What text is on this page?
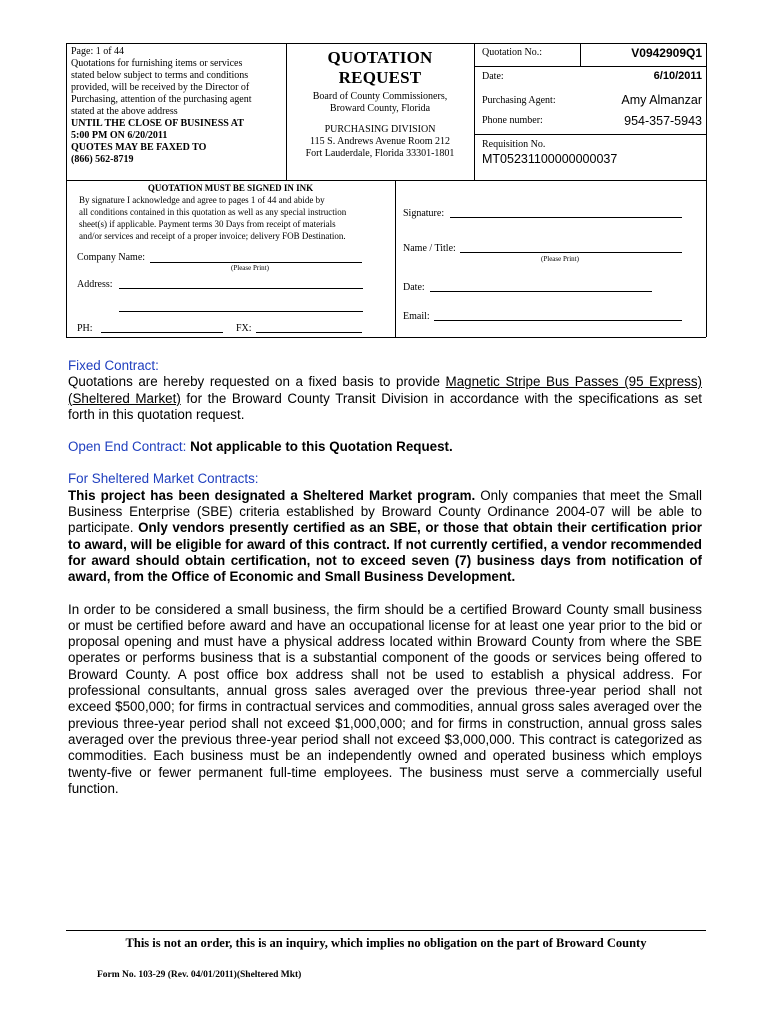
Page: 1 of 44
Quotations for furnishing items or services
stated below subject to terms and conditions
provided, will be received by the Director of
Purchasing, attention of the purchasing agent
stated at the above address
UNTIL THE CLOSE OF BUSINESS AT
5:00 PM ON 6/20/2011
QUOTES MAY BE FAXED TO
(866) 562-8719
QUOTATION REQUEST
Board of County Commissioners,
Broward County, Florida
PURCHASING DIVISION
115 S. Andrews Avenue Room 212
Fort Lauderdale, Florida 33301-1801
Quotation No.:	V0942909Q1
Date:	6/10/2011
Purchasing Agent:	Amy Almanzar
Phone number:	954-357-5943
Requisition No.
MT05231100000000037
QUOTATION MUST BE SIGNED IN INK
By signature I acknowledge and agree to pages 1 of 44 and abide by
all conditions contained in this quotation as well as any special instruction
sheet(s) if applicable. Payment terms 30 Days from receipt of materials
and/or services and receipt of a proper invoice; delivery FOB Destination.
Company Name:
(Please Print)
Address:
PH:	FX:
Signature:
Name / Title:
(Please Print)
Date:
Email:
Fixed Contract:
Quotations are hereby requested on a fixed basis to provide Magnetic Stripe Bus Passes (95 Express) (Sheltered Market) for the Broward County Transit Division in accordance with the specifications as set forth in this quotation request.
Open End Contract: Not applicable to this Quotation Request.
For Sheltered Market Contracts:
This project has been designated a Sheltered Market program. Only companies that meet the Small Business Enterprise (SBE) criteria established by Broward County Ordinance 2004-07 will be able to participate. Only vendors presently certified as an SBE, or those that obtain their certification prior to award, will be eligible for award of this contract. If not currently certified, a vendor recommended for award should obtain certification, not to exceed seven (7) business days from notification of award, from the Office of Economic and Small Business Development.
In order to be considered a small business, the firm should be a certified Broward County small business or must be certified before award and have an occupational license for at least one year prior to the bid or proposal opening and must have a physical address located within Broward County from where the SBE operates or performs business that is a substantial component of the goods or services being offered to Broward County. A post office box address shall not be used to establish a physical address. For professional consultants, annual gross sales averaged over the previous three-year period shall not exceed $500,000; for firms in contractual services and commodities, annual gross sales averaged over the previous three-year period shall not exceed $1,000,000; and for firms in construction, annual gross sales averaged over the previous three-year period shall not exceed $3,000,000. This contract is categorized as commodities. Each business must be an independently owned and operated business which employs twenty-five or fewer permanent full-time employees. The business must serve a commercially useful function.
This is not an order, this is an inquiry, which implies no obligation on the part of Broward County
Form No. 103-29 (Rev. 04/01/2011)(Sheltered Mkt)
